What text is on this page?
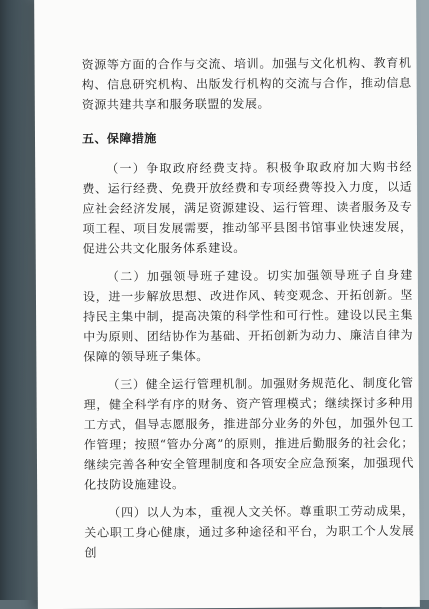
资源等方面的合作与交流、培训。加强与文化机构、教育机构、信息研究机构、出版发行机构的交流与合作，推动信息资源共建共享和服务联盟的发展。

五、保障措施

（一）争取政府经费支持。积极争取政府加大购书经费、运行经费、免费开放经费和专项经费等投入力度，以适应社会经济发展，满足资源建设、运行管理、读者服务及专项工程、项目发展需要，推动邹平县图书馆事业快速发展，促进公共文化服务体系建设。

（二）加强领导班子建设。切实加强领导班子自身建设，进一步解放思想、改进作风、转变观念、开拓创新。坚持民主集中制，提高决策的科学性和可行性。建设以民主集中为原则、团结协作为基础、开拓创新为动力、廉洁自律为保障的领导班子集体。

（三）健全运行管理机制。加强财务规范化、制度化管理，健全科学有序的财务、资产管理模式；继续探讨多种用工方式，倡导志愿服务，推进部分业务的外包，加强外包工作管理；按照“管办分离”的原则，推进后勤服务的社会化；继续完善各种安全管理制度和各项安全应急预案，加强现代化技防设施建设。

（四）以人为本，重视人文关怀。尊重职工劳动成果，关心职工身心健康，通过多种途径和平台，为职工个人发展创
